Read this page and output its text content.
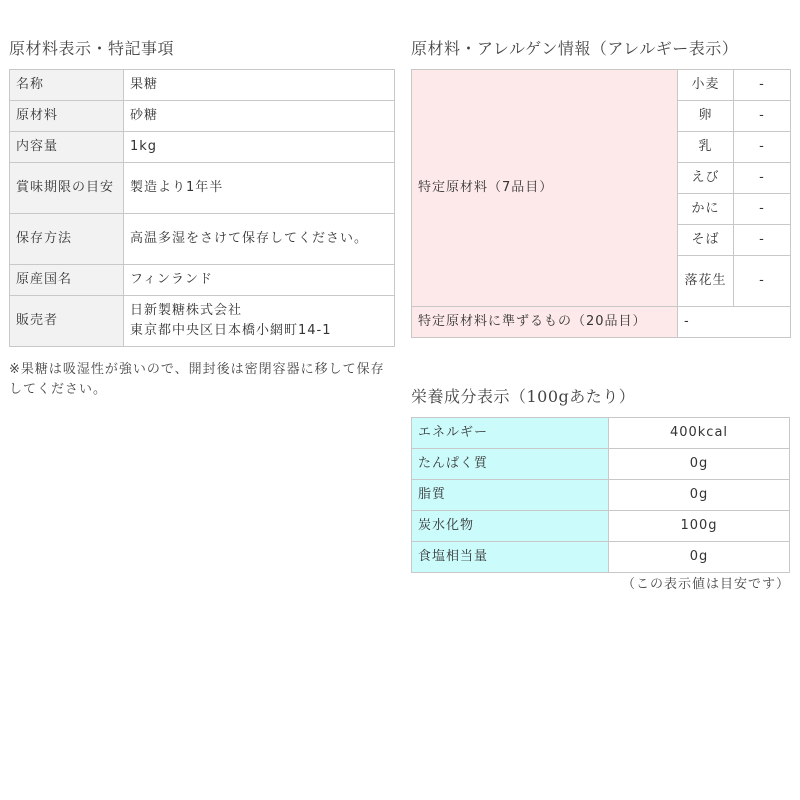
原材料表示・特記事項
名称	果糖
原材料	砂糖
内容量	1kg
賞味期限の目安	製造より1年半
保存方法	高温多湿をさけて保存してください。
原産国名	フィンランド
販売者	日新製糖株式会社
東京都中央区日本橋小網町14-1
※果糖は吸湿性が強いので、開封後は密閉容器に移して保存してください。
原材料・アレルゲン情報（アレルギー表示）
特定原材料（7品目）	小麦	-
	卵	-
	乳	-
	えび	-
	かに	-
	そば	-
	落花生	-
特定原材料に準ずるもの（20品目）	-	
栄養成分表示（100gあたり）
エネルギー	400kcal
たんぱく質	0g
脂質	0g
炭水化物	100g
食塩相当量	0g
（この表示値は目安です）
